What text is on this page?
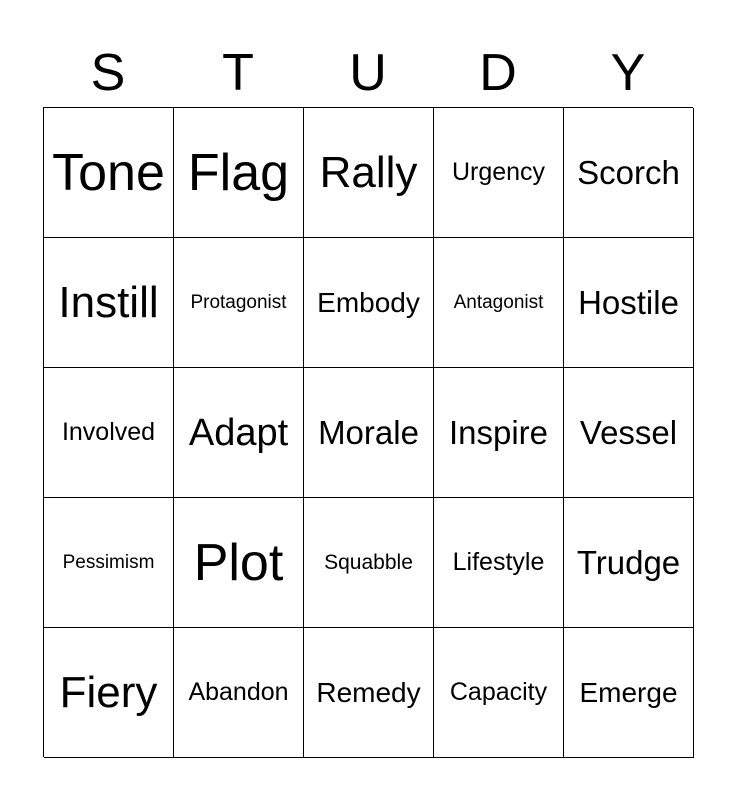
S	T	U	D	Y
Tone Flag Rally Urgency Scorch
Instill Protagonist Embody Antagonist Hostile
Involved Adapt Morale Inspire Vessel
Pessimism Plot Squabble Lifestyle Trudge
Fiery Abandon Remedy Capacity Emerge
